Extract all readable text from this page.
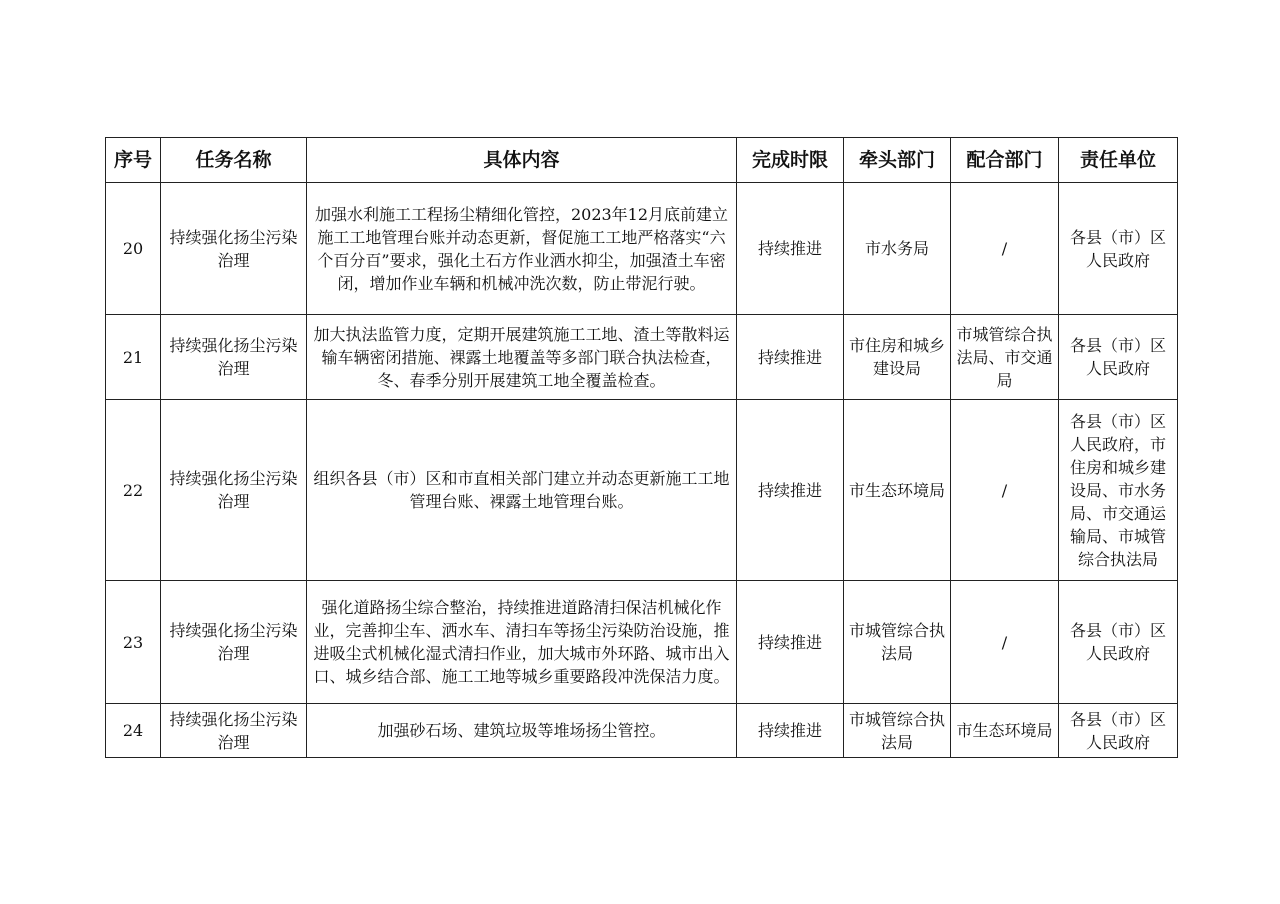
序号	任务名称	具体内容	完成时限	牵头部门	配合部门	责任单位
20	持续强化扬尘污染治理	加强水利施工工程扬尘精细化管控，2023年12月底前建立施工工地管理台账并动态更新，督促施工工地严格落实“六个百分百”要求，强化土石方作业洒水抑尘，加强渣土车密闭，增加作业车辆和机械冲洗次数，防止带泥行驶。	持续推进	市水务局	/	各县（市）区人民政府
21	持续强化扬尘污染治理	加大执法监管力度，定期开展建筑施工工地、渣土等散料运输车辆密闭措施、裸露土地覆盖等多部门联合执法检查，冬、春季分别开展建筑工地全覆盖检查。	持续推进	市住房和城乡建设局	市城管综合执法局、市交通局	各县（市）区人民政府
22	持续强化扬尘污染治理	组织各县（市）区和市直相关部门建立并动态更新施工工地管理台账、裸露土地管理台账。	持续推进	市生态环境局	/	各县（市）区人民政府，市住房和城乡建设局、市水务局、市交通运输局、市城管综合执法局
23	持续强化扬尘污染治理	强化道路扬尘综合整治，持续推进道路清扫保洁机械化作业，完善抑尘车、洒水车、清扫车等扬尘污染防治设施，推进吸尘式机械化湿式清扫作业，加大城市外环路、城市出入口、城乡结合部、施工工地等城乡重要路段冲洗保洁力度。	持续推进	市城管综合执法局	/	各县（市）区人民政府
24	持续强化扬尘污染治理	加强砂石场、建筑垃圾等堆场扬尘管控。	持续推进	市城管综合执法局	市生态环境局	各县（市）区人民政府
